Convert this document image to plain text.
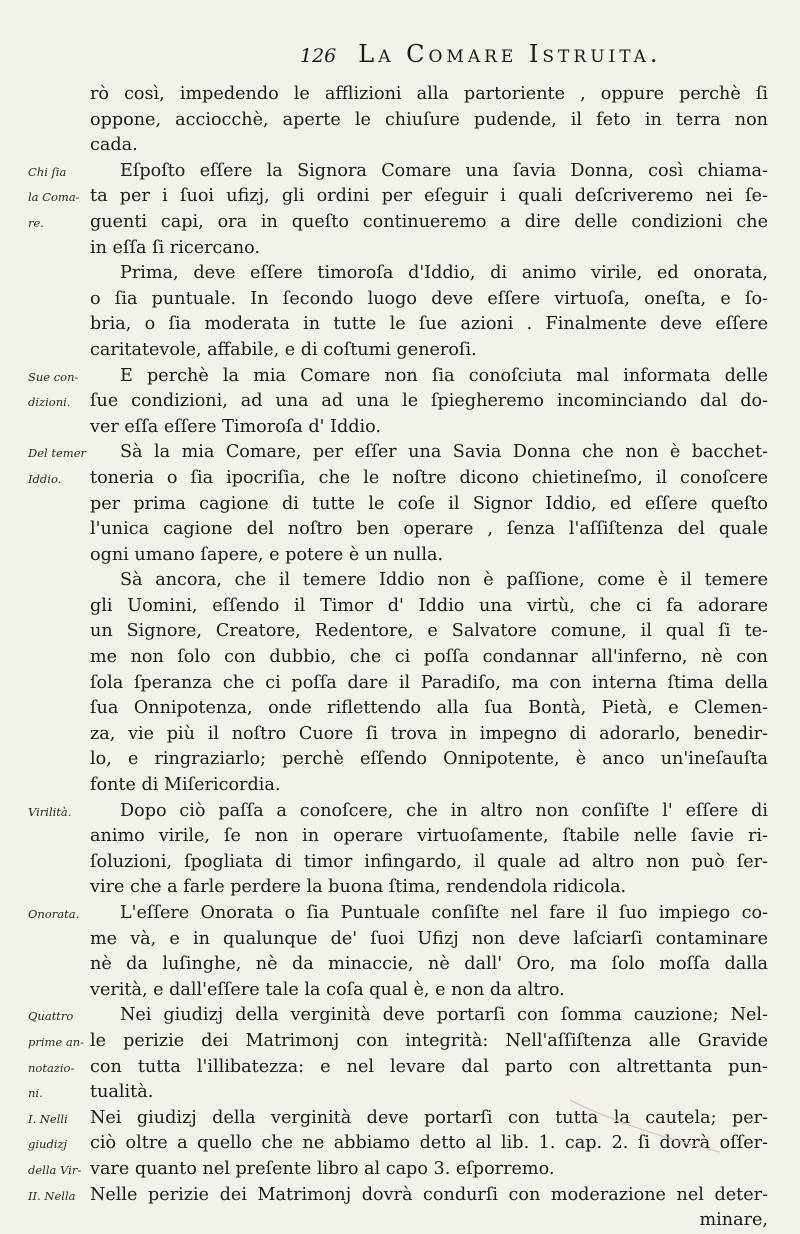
126 La Comare Istruita.
rò così, impedendo le afflizioni alla partoriente , oppure perchè ſi
oppone, acciocchè, aperte le chiuſure pudende, il feto in terra non
cada.
Chi ſia	Eſpoſto eſſere la Signora Comare una ſavia Donna, così chiama-
la Coma- ta per i ſuoi ufizj, gli ordini per eſeguir i quali deſcriveremo nei ſe-
re.	guenti capi, ora in queſto continueremo a dire delle condizioni che
in eſſa ſi ricercano.
Prima, deve eſſere timoroſa d'Iddio, di animo virile, ed onorata,
o ſia puntuale. In ſecondo luogo deve eſſere virtuoſa, oneſta, e ſo-
bria, o ſia moderata in tutte le ſue azioni . Finalmente deve eſſere
caritatevole, affabile, e di coſtumi generoſi.
Sue con-	E perchè la mia Comare non ſia conoſciuta mal informata delle
dizioni.	ſue condizioni, ad una ad una le ſpiegheremo incominciando dal do-
ver eſſa eſſere Timoroſa d' Iddio.
Del temer	Sà la mia Comare, per eſſer una Savia Donna che non è bacchet-
Iddio.	toneria o ſia ipocriſia, che le noſtre dicono chietineſmo, il conoſcere
per prima cagione di tutte le coſe il Signor Iddio, ed eſſere queſto
l'unica cagione del noſtro ben operare , ſenza l'aſſiſtenza del quale
ogni umano ſapere, e potere è un nulla.
Sà ancora, che il temere Iddio non è paſſione, come è il temere
gli Uomini, eſſendo il Timor d' Iddio una virtù, che ci fa adorare
un Signore, Creatore, Redentore, e Salvatore comune, il qual ſi te-
me non ſolo con dubbio, che ci poſſa condannar all'inferno, nè con
ſola ſperanza che ci poſſa dare il Paradiſo, ma con interna ſtima della
ſua Onnipotenza, onde riflettendo alla ſua Bontà, Pietà, e Clemen-
za, vie più il noſtro Cuore ſi trova in impegno di adorarlo, benedir-
lo, e ringraziarlo; perchè eſſendo Onnipotente, è anco un'ineſauſta
fonte di Miſericordia.
Virilità.	Dopo ciò paſſa a conoſcere, che in altro non conſiſte l' eſſere di
animo virile, ſe non in operare virtuoſamente, ſtabile nelle ſavie ri-
ſoluzioni, ſpogliata di timor infingardo, il quale ad altro non può ſer-
vire che a farle perdere la buona ſtima, rendendola ridicola.
Onorata.	L'eſſere Onorata o ſia Puntuale conſiſte nel fare il ſuo impiego co-
me và, e in qualunque de' ſuoi Ufizj non deve laſciarſi contaminare
nè da luſinghe, nè da minaccie, nè dall' Oro, ma ſolo moſſa dalla
verità, e dall'eſſere tale la coſa qual è, e non da altro.
Quattro	Nei giudizj della verginità deve portarſi con ſomma cauzione; Nel-
prime an- le perizie dei Matrimonj con integrità: Nell'aſſiſtenza alle Gravide
notazio- con tutta l'illibatezza: e nel levare dal parto con altrettanta pun-
ni.	tualità.
I. Nelli	Nei giudizj della verginità deve portarſi con tutta la cautela; per-
giudizj	ciò oltre a quello che ne abbiamo detto al lib. 1. cap. 2. ſi dovrà oſſer-
della Vir- vare quanto nel preſente libro al capo 3. eſporremo.
II. Nella Nelle perizie dei Matrimonj dovrà condurſi con moderazione nel deter-
minare,
